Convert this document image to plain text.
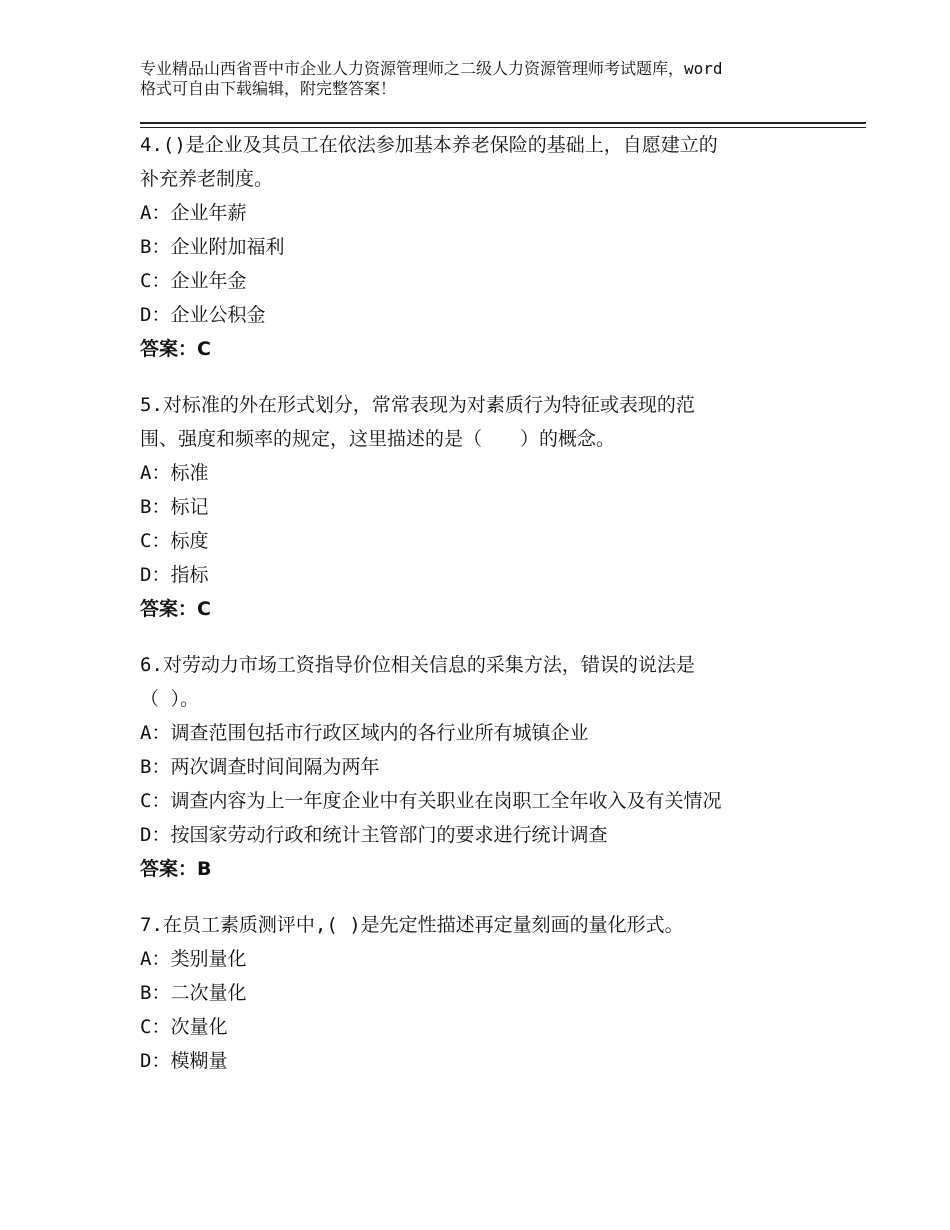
专业精品山西省晋中市企业人力资源管理师之二级人力资源管理师考试题库，word
格式可自由下载编辑，附完整答案！
4.()是企业及其员工在依法参加基本养老保险的基础上，自愿建立的
补充养老制度。
A：企业年薪
B：企业附加福利
C：企业年金
D：企业公积金
答案：C
5.对标准的外在形式划分，常常表现为对素质行为特征或表现的范
围、强度和频率的规定，这里描述的是（　　）的概念。
A：标准
B：标记
C：标度
D：指标
答案：C
6.对劳动力市场工资指导价位相关信息的采集方法，错误的说法是
（ ）。
A：调查范围包括市行政区域内的各行业所有城镇企业
B：两次调查时间间隔为两年
C：调查内容为上一年度企业中有关职业在岗职工全年收入及有关情况
D：按国家劳动行政和统计主管部门的要求进行统计调查
答案：B
7.在员工素质测评中,( )是先定性描述再定量刻画的量化形式。
A：类别量化
B：二次量化
C：次量化
D：模糊量
